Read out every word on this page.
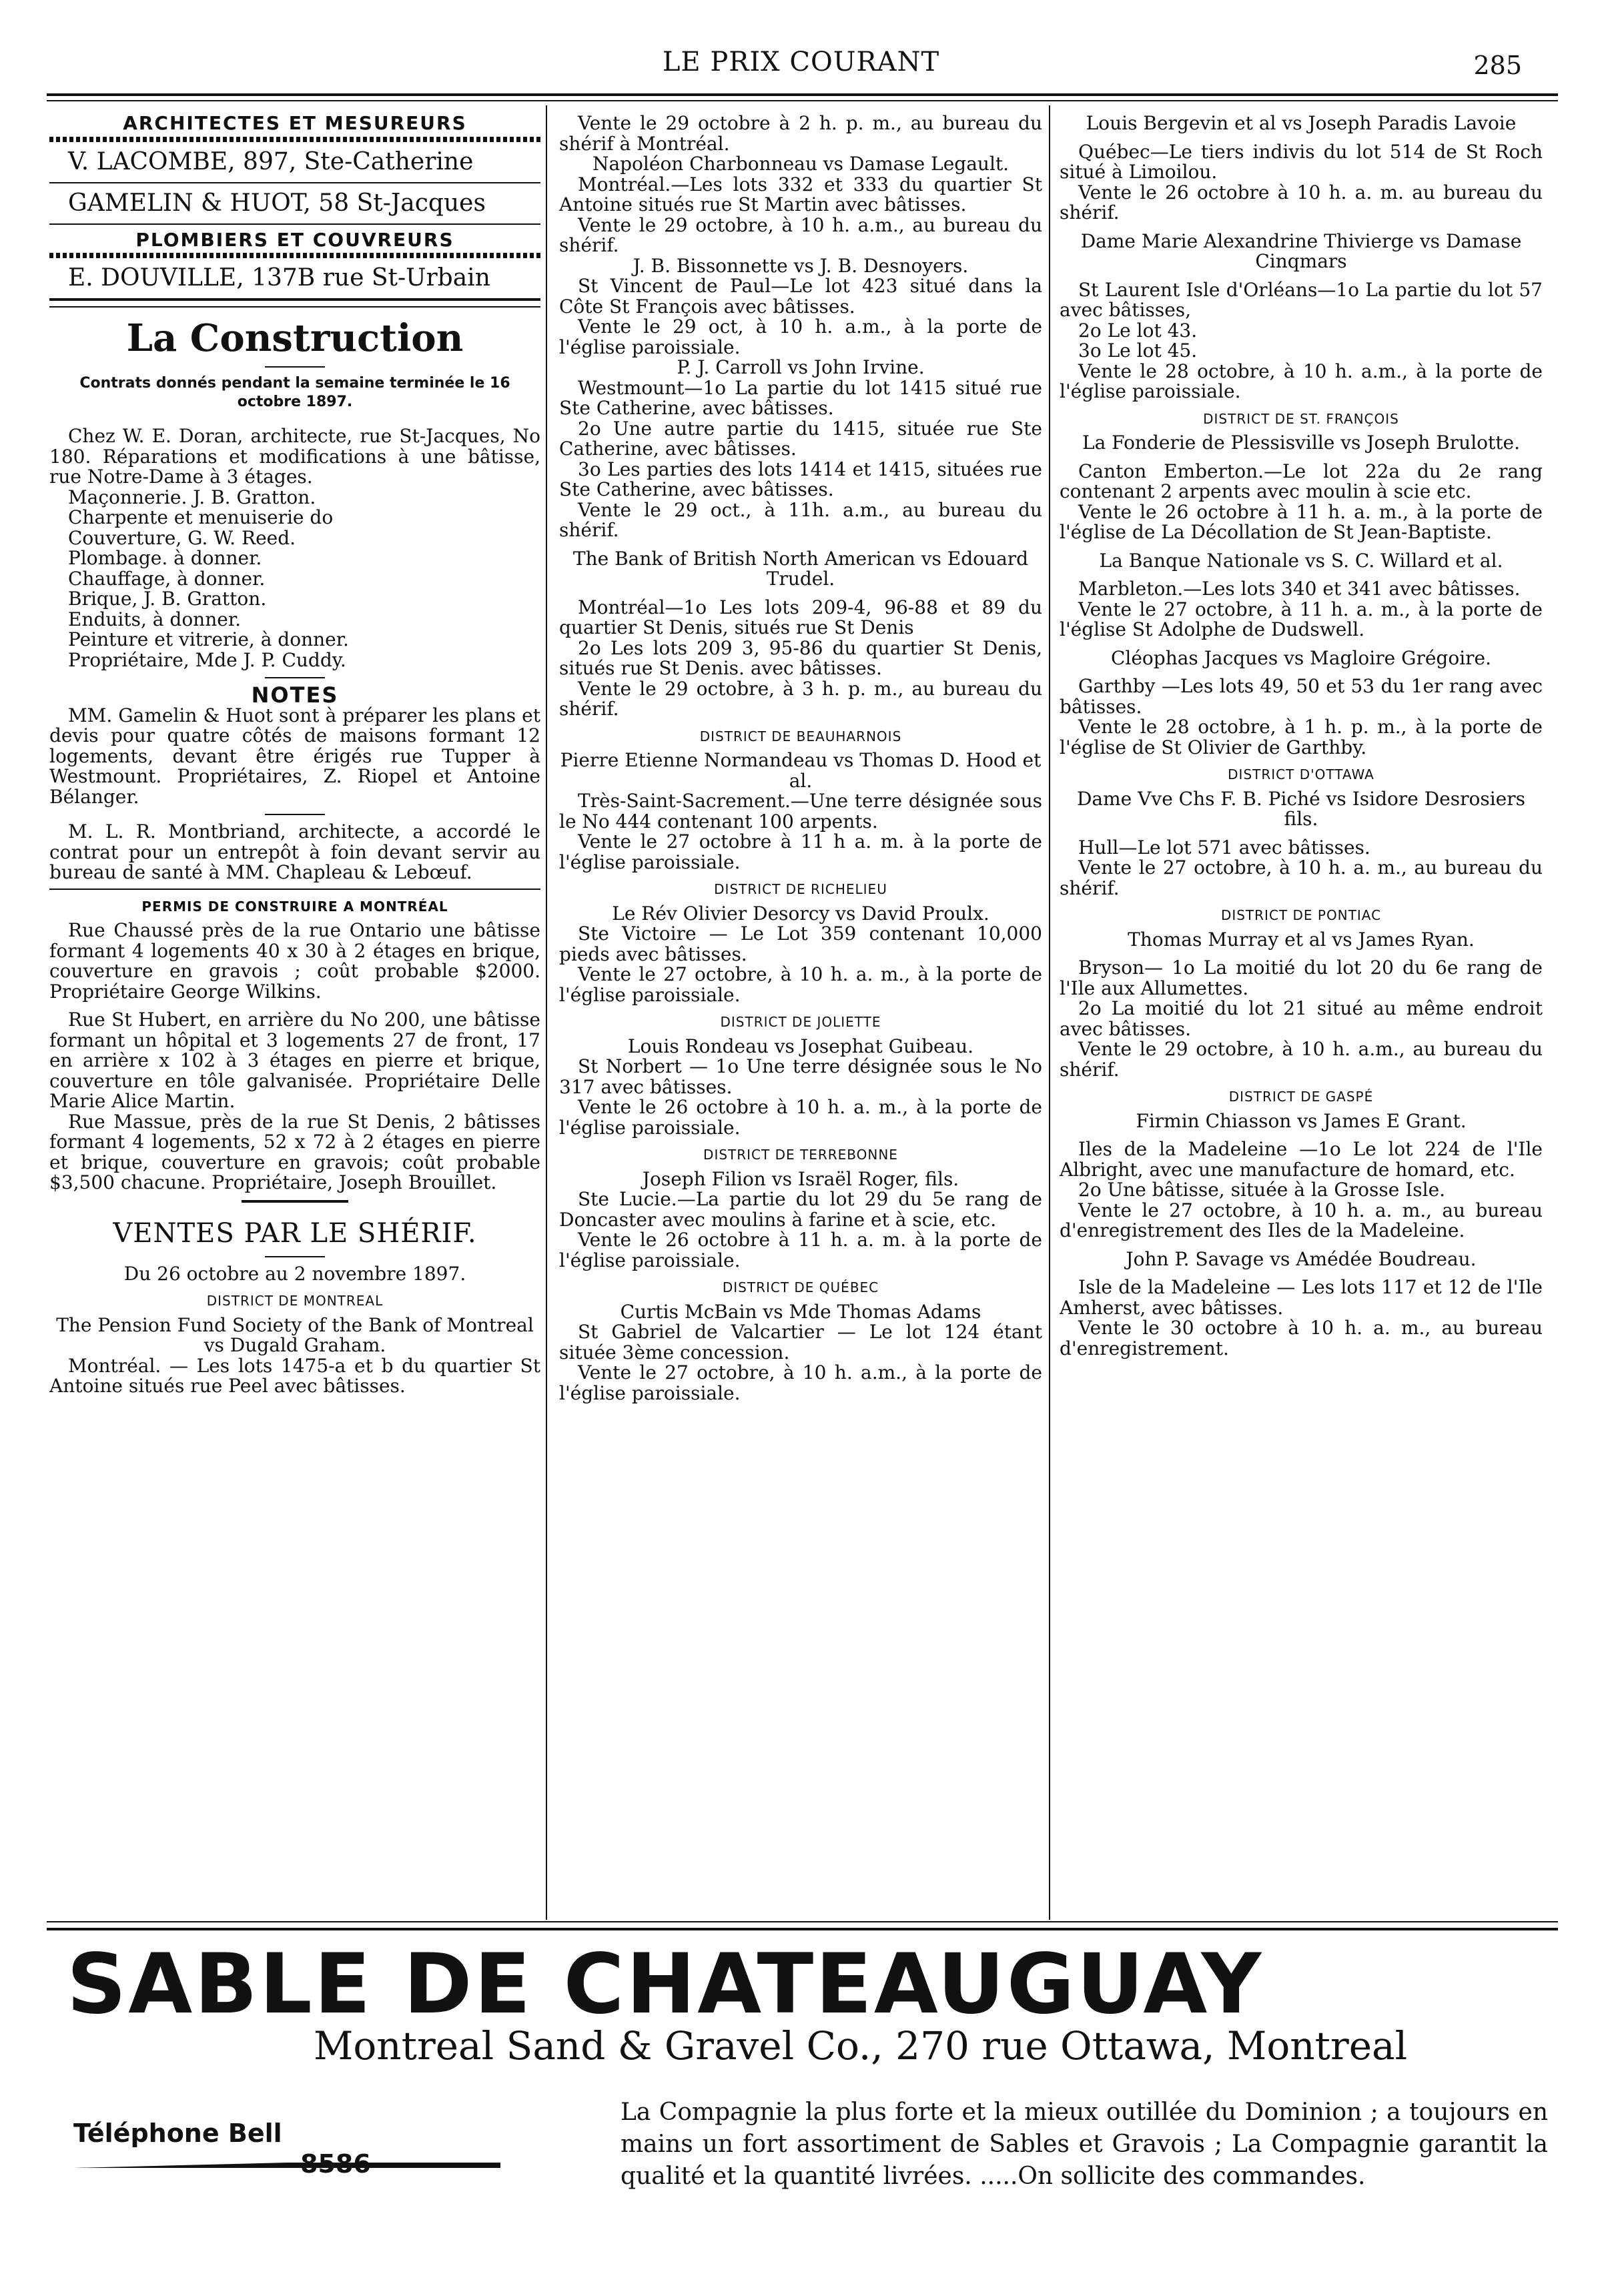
LE PRIX COURANT	285
ARCHITECTES ET MESUREURS

V. LACOMBE, 897, Ste-Catherine

GAMELIN & HUOT, 58 St-Jacques

PLOMBIERS ET COUVREURS

E. DOUVILLE, 137B rue St-Urbain

La Construction
Contrats donnés pendant la semaine terminée le 16 octobre 1897.

Chez W. E. Doran, architecte, rue St-Jacques, No 180. Réparations et modifications à une bâtisse, rue Notre-Dame à 3 étages.

Maçonnerie. J. B. Gratton.

Charpente et menuiserie do

Couverture, G. W. Reed.

Plombage. à donner.

Chauffage, à donner.

Brique, J. B. Gratton.

Enduits, à donner.

Peinture et vitrerie, à donner.

Propriétaire, Mde J. P. Cuddy.

NOTES

MM. Gamelin & Huot sont à préparer les plans et devis pour quatre côtés de maisons formant 12 logements, devant être érigés rue Tupper à Westmount. Propriétaires, Z. Riopel et Antoine Bélanger.

M. L. R. Montbriand, architecte, a accordé le contrat pour un entrepôt à foin devant servir au bureau de santé à MM. Chapleau & Lebœuf.

PERMIS DE CONSTRUIRE A MONTRÉAL

Rue Chaussé près de la rue Ontario une bâtisse formant 4 logements 40 x 30 à 2 étages en brique, couverture en gravois ; coût probable $2000. Propriétaire George Wilkins.

Rue St Hubert, en arrière du No 200, une bâtisse formant un hôpital et 3 logements 27 de front, 17 en arrière x 102 à 3 étages en pierre et brique, couverture en tôle galvanisée. Propriétaire Delle Marie Alice Martin.

Rue Massue, près de la rue St Denis, 2 bâtisses formant 4 logements, 52 x 72 à 2 étages en pierre et brique, couverture en gravois; coût probable $3,500 chacune. Propriétaire, Joseph Brouillet.

VENTES PAR LE SHÉRIF.

Du 26 octobre au 2 novembre 1897.

DISTRICT DE MONTREAL

The Pension Fund Society of the Bank of Montreal vs Dugald Graham.

Montréal. — Les lots 1475-a et b du quartier St Antoine situés rue Peel avec bâtisses.

Vente le 29 octobre à 2 h. p. m., au bureau du shérif à Montréal.

Napoléon Charbonneau vs Damase Legault.

Montréal.—Les lots 332 et 333 du quartier St Antoine situés rue St Martin avec bâtisses.

Vente le 29 octobre, à 10 h. a.m., au bureau du shérif.

J. B. Bissonnette vs J. B. Desnoyers.

St Vincent de Paul—Le lot 423 situé dans la Côte St François avec bâtisses.

Vente le 29 oct, à 10 h. a.m., à la porte de l'église paroissiale.

P. J. Carroll vs John Irvine.

Westmount—1o La partie du lot 1415 situé rue Ste Catherine, avec bâtisses.

2o Une autre partie du 1415, située rue Ste Catherine, avec bâtisses.

3o Les parties des lots 1414 et 1415, situées rue Ste Catherine, avec bâtisses.

Vente le 29 oct., à 11h. a.m., au bureau du shérif.

The Bank of British North American vs Edouard Trudel.

Montréal—1o Les lots 209-4, 96-88 et 89 du quartier St Denis, situés rue St Denis

2o Les lots 209 3, 95-86 du quartier St Denis, situés rue St Denis. avec bâtisses.

Vente le 29 octobre, à 3 h. p. m., au bureau du shérif.

DISTRICT DE BEAUHARNOIS

Pierre Etienne Normandeau vs Thomas D. Hood et al.

Très-Saint-Sacrement.—Une terre désignée sous le No 444 contenant 100 arpents.

Vente le 27 octobre à 11 h a. m. à la porte de l'église paroissiale.

DISTRICT DE RICHELIEU

Le Rév Olivier Desorcy vs David Proulx.

Ste Victoire — Le Lot 359 contenant 10,000 pieds avec bâtisses.

Vente le 27 octobre, à 10 h. a. m., à la porte de l'église paroissiale.

DISTRICT DE JOLIETTE

Louis Rondeau vs Josephat Guibeau.

St Norbert — 1o Une terre désignée sous le No 317 avec bâtisses.

Vente le 26 octobre à 10 h. a. m., à la porte de l'église paroissiale.

DISTRICT DE TERREBONNE

Joseph Filion vs Israël Roger, fils.

Ste Lucie.—La partie du lot 29 du 5e rang de Doncaster avec moulins à farine et à scie, etc.

Vente le 26 octobre à 11 h. a. m. à la porte de l'église paroissiale.

DISTRICT DE QUÉBEC

Curtis McBain vs Mde Thomas Adams

St Gabriel de Valcartier — Le lot 124 étant située 3ème concession.

Vente le 27 octobre, à 10 h. a.m., à la porte de l'église paroissiale.

Louis Bergevin et al vs Joseph Paradis Lavoie

Québec—Le tiers indivis du lot 514 de St Roch situé à Limoilou.

Vente le 26 octobre à 10 h. a. m. au bureau du shérif.

Dame Marie Alexandrine Thivierge vs Damase Cinqmars

St Laurent Isle d'Orléans—1o La partie du lot 57 avec bâtisses,

2o Le lot 43.

3o Le lot 45.

Vente le 28 octobre, à 10 h. a.m., à la porte de l'église paroissiale.

DISTRICT DE ST. FRANÇOIS

La Fonderie de Plessisville vs Joseph Brulotte.

Canton Emberton.—Le lot 22a du 2e rang contenant 2 arpents avec moulin à scie etc.

Vente le 26 octobre à 11 h. a. m., à la porte de l'église de La Décollation de St Jean-Baptiste.

La Banque Nationale vs S. C. Willard et al.

Marbleton.—Les lots 340 et 341 avec bâtisses.

Vente le 27 octobre, à 11 h. a. m., à la porte de l'église St Adolphe de Dudswell.

Cléophas Jacques vs Magloire Grégoire.

Garthby —Les lots 49, 50 et 53 du 1er rang avec bâtisses.

Vente le 28 octobre, à 1 h. p. m., à la porte de l'église de St Olivier de Garthby.

DISTRICT D'OTTAWA

Dame Vve Chs F. B. Piché vs Isidore Desrosiers fils.

Hull—Le lot 571 avec bâtisses.

Vente le 27 octobre, à 10 h. a. m., au bureau du shérif.

DISTRICT DE PONTIAC

Thomas Murray et al vs James Ryan.

Bryson— 1o La moitié du lot 20 du 6e rang de l'Ile aux Allumettes.

2o La moitié du lot 21 situé au même endroit avec bâtisses.

Vente le 29 octobre, à 10 h. a.m., au bureau du shérif.

DISTRICT DE GASPÉ

Firmin Chiasson vs James E Grant.

Iles de la Madeleine —1o Le lot 224 de l'Ile Albright, avec une manufacture de homard, etc.

2o Une bâtisse, située à la Grosse Isle.

Vente le 27 octobre, à 10 h. a. m., au bureau d'enregistrement des Iles de la Madeleine.

John P. Savage vs Amédée Boudreau.

Isle de la Madeleine — Les lots 117 et 12 de l'Ile Amherst, avec bâtisses.

Vente le 30 octobre à 10 h. a. m., au bureau d'enregistrement.

SABLE DE CHATEAUGUAY
Montreal Sand & Gravel Co., 270 rue Ottawa, Montreal
Téléphone Bell
8586
La Compagnie la plus forte et la mieux outillée du Dominion ; a toujours en mains un fort assortiment de Sables et Gravois ; La Compagnie garantit la qualité et la quantité livrées. .....On sollicite des commandes.
